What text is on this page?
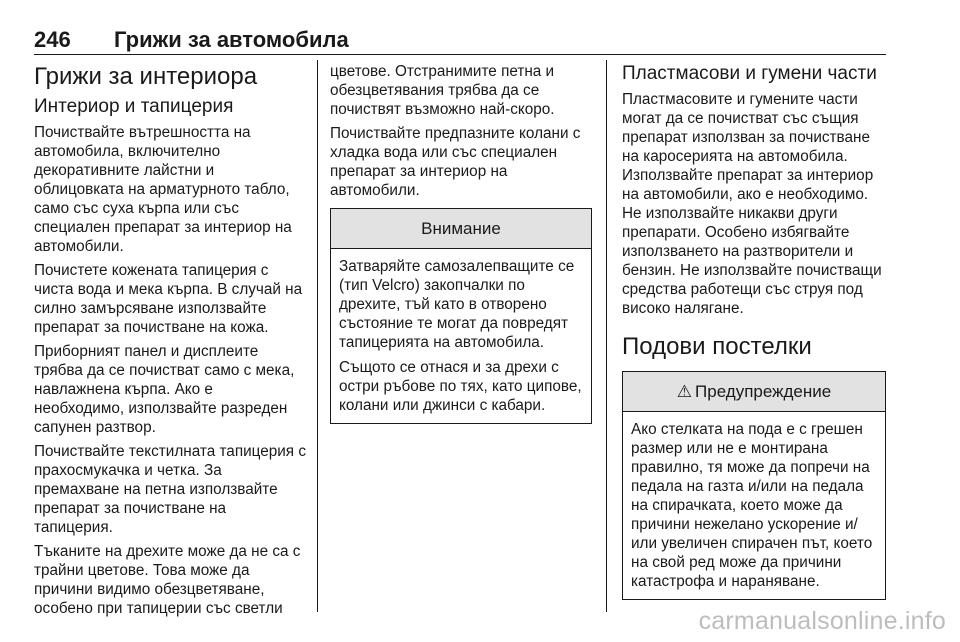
246 Грижи за автомобила
Грижи за интериора
Интериор и тапицерия

Почиствайте вътрешността на автомобила, включително декоративните лайстни и облицовката на арматурното табло, само със суха кърпа или със специален препарат за интериор на автомобили.

Почистете кожената тапицерия с чиста вода и мека кърпа. В случай на силно замърсяване използвайте препарат за почистване на кожа.

Приборният панел и дисплеите трябва да се почистват само с мека, навлажнена кърпа. Ако е необходимо, използвайте разреден сапунен разтвор.

Почиствайте текстилната тапицерия с прахосмукачка и четка. За премахване на петна използвайте препарат за почистване на тапицерия.

Тъканите на дрехите може да не са с трайни цветове. Това може да причини видимо обезцветяване, особено при тапицерии със светли

цветове. Отстранимите петна и обезцветявания трябва да се почиствят възможно най-скоро.

Почиствайте предпазните колани с хладка вода или със специален препарат за интериор на автомобили.

Внимание

Затваряйте самозалепващите се (тип Velcro) закопчалки по дрехите, тъй като в отворено състояние те могат да повредят тапицерията на автомобила.

Същото се отнася и за дрехи с остри ръбове по тях, като ципове, колани или джинси с кабари.

Пластмасови и гумени части

Пластмасовите и гумените части могат да се почистват със същия препарат използван за почистване на каросерията на автомобила. Използвайте препарат за интериор на автомобили, ако е необходимо. Не използвайте никакви други препарати. Особено избягвайте използването на разтворители и бензин. Не използвайте почистващи средства работещи със струя под високо налягане.

Подови постелки
⚠ Предупреждение

Ако стелката на пода е с грешен размер или не е монтирана правилно, тя може да попречи на педала на газта и/или на педала на спирачката, което може да причини нежелано ускорение и/или увеличен спирачен път, което на свой ред може да причини катастрофа и нараняване.

carmanualsonline.info
